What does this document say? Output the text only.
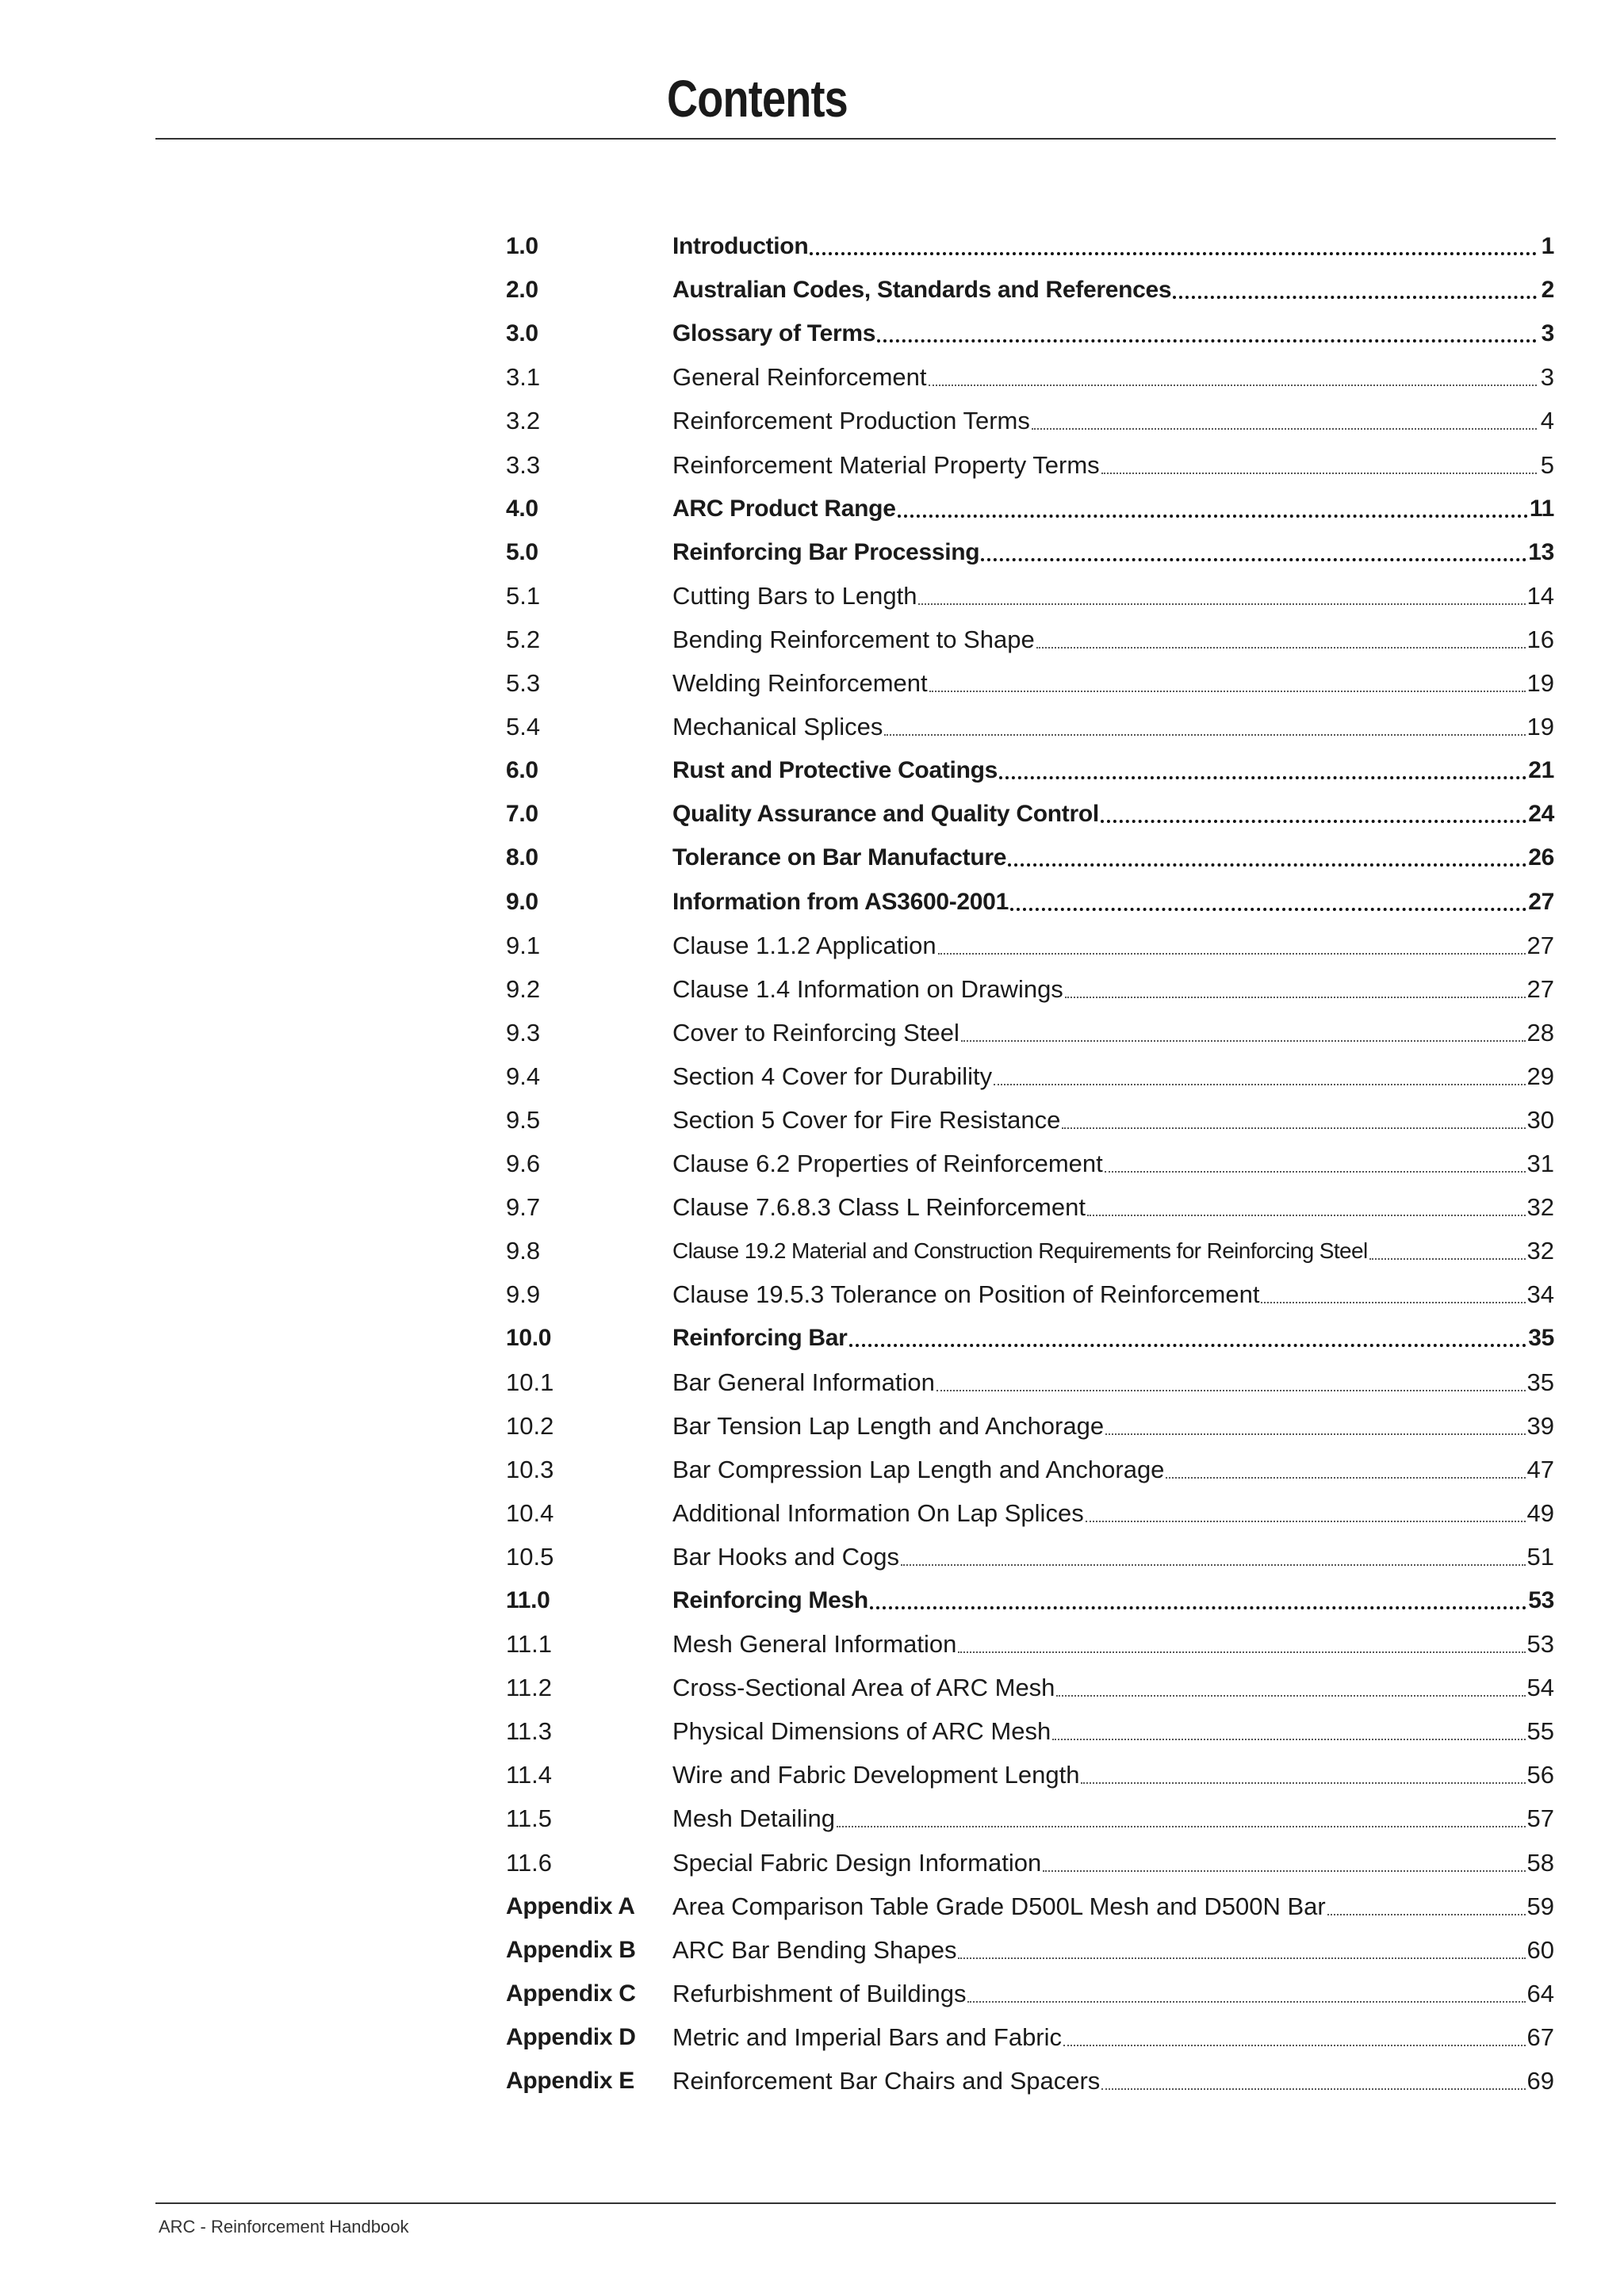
Contents
1.0	Introduction	1
2.0	Australian Codes, Standards and References	2
3.0	Glossary of Terms	3
3.1	General Reinforcement	3
3.2	Reinforcement Production Terms	4
3.3	Reinforcement Material Property Terms	5
4.0	ARC Product Range	11
5.0	Reinforcing Bar Processing	13
5.1	Cutting Bars to Length	14
5.2	Bending Reinforcement to Shape	16
5.3	Welding Reinforcement	19
5.4	Mechanical Splices	19
6.0	Rust and Protective Coatings	21
7.0	Quality Assurance and Quality Control	24
8.0	Tolerance on Bar Manufacture	26
9.0	Information from AS3600-2001	27
9.1	Clause 1.1.2 Application	27
9.2	Clause 1.4 Information on Drawings	27
9.3	Cover to Reinforcing Steel	28
9.4	Section 4 Cover for Durability	29
9.5	Section 5 Cover for Fire Resistance	30
9.6	Clause 6.2 Properties of Reinforcement	31
9.7	Clause 7.6.8.3 Class L Reinforcement	32
9.8	Clause 19.2 Material and Construction Requirements for Reinforcing Steel	32
9.9	Clause 19.5.3 Tolerance on Position of Reinforcement	34
10.0	Reinforcing Bar	35
10.1	Bar General Information	35
10.2	Bar Tension Lap Length and Anchorage	39
10.3	Bar Compression Lap Length and Anchorage	47
10.4	Additional Information On Lap Splices	49
10.5	Bar Hooks and Cogs	51
11.0	Reinforcing Mesh	53
11.1	Mesh General Information	53
11.2	Cross-Sectional Area of ARC Mesh	54
11.3	Physical Dimensions of ARC Mesh	55
11.4	Wire and Fabric Development Length	56
11.5	Mesh Detailing	57
11.6	Special Fabric Design Information	58
Appendix A	Area Comparison Table Grade D500L Mesh and D500N Bar	59
Appendix B	ARC Bar Bending Shapes	60
Appendix C	Refurbishment of Buildings	64
Appendix D	Metric and Imperial Bars and Fabric	67
Appendix E	Reinforcement Bar Chairs and Spacers	69
ARC - Reinforcement Handbook
